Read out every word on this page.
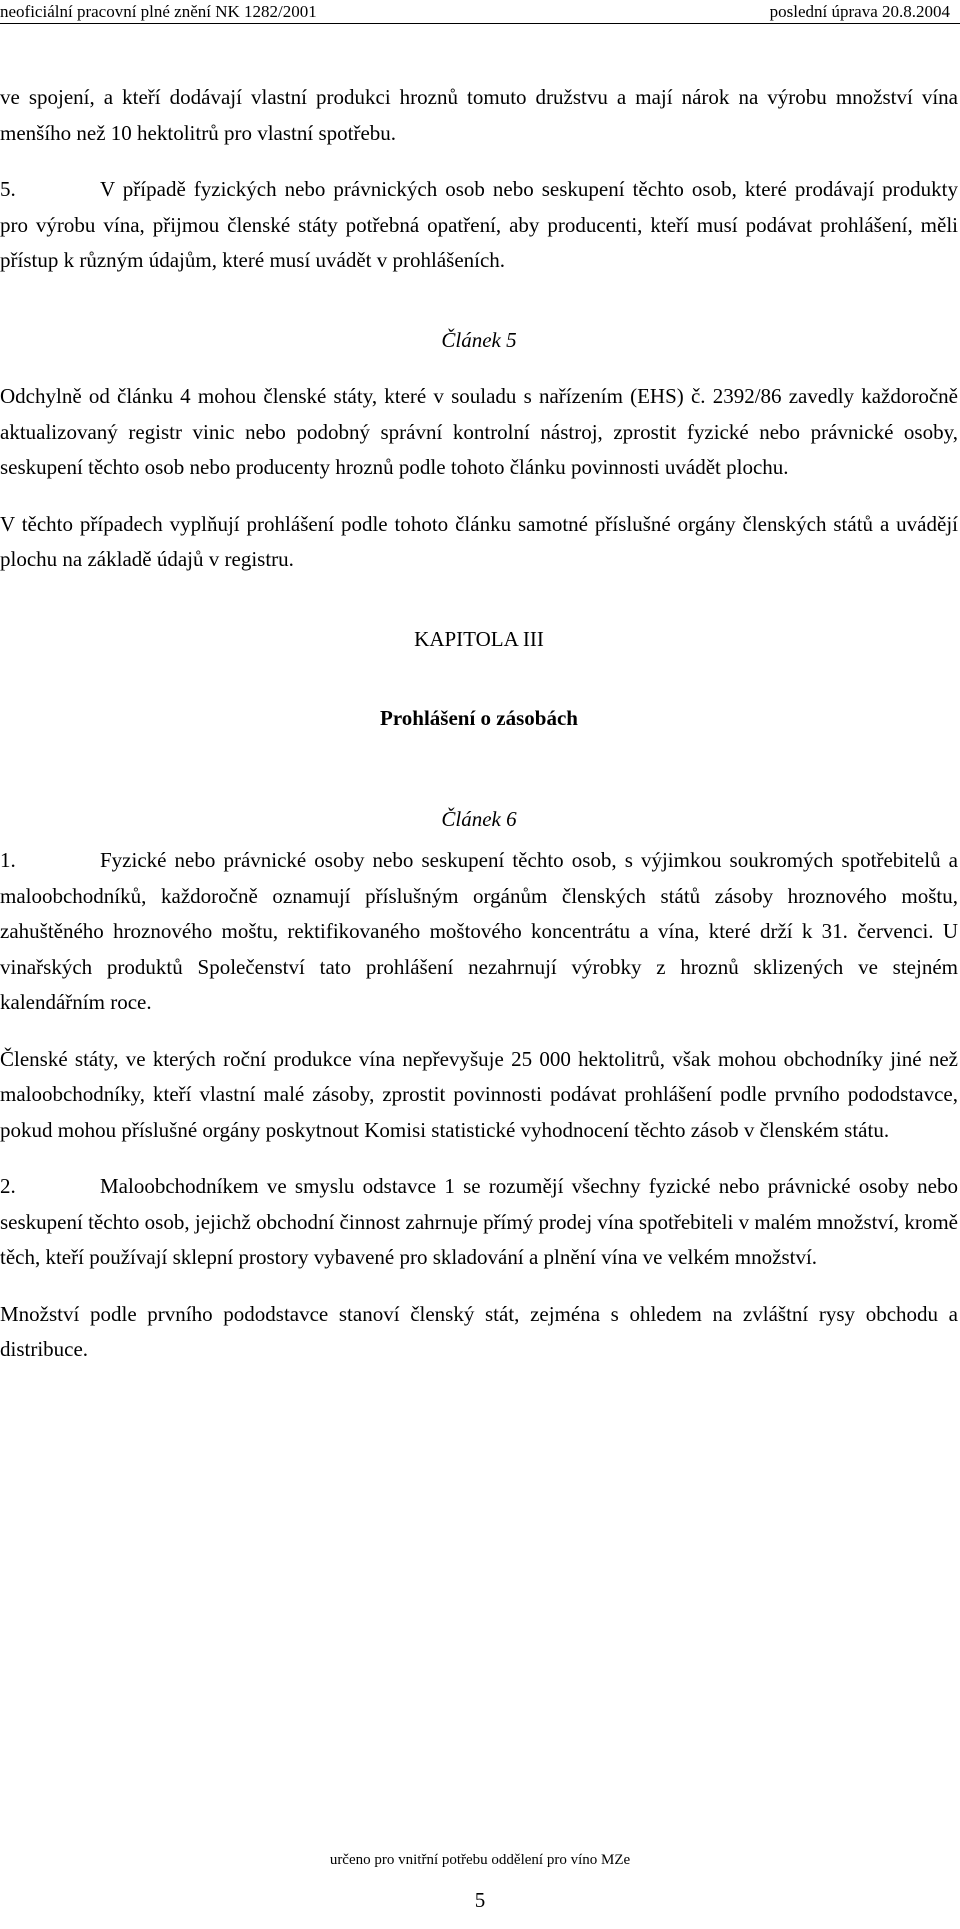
neoficiální pracovní plné znění NK 1282/2001	poslední úprava 20.8.2004

ve spojení, a kteří dodávají vlastní produkci hroznů tomuto družstvu a mají nárok na výrobu množství vína menšího než 10 hektolitrů pro vlastní spotřebu.

5.	V případě fyzických nebo právnických osob nebo seskupení těchto osob, které prodávají produkty pro výrobu vína, přijmou členské státy potřebná opatření, aby producenti, kteří musí podávat prohlášení, měli přístup k různým údajům, které musí uvádět v prohlášeních.

Článek 5

Odchylně od článku 4 mohou členské státy, které v souladu s nařízením (EHS) č. 2392/86 zavedly každoročně aktualizovaný registr vinic nebo podobný správní kontrolní nástroj, zprostit fyzické nebo právnické osoby, seskupení těchto osob nebo producenty hroznů podle tohoto článku povinnosti uvádět plochu.

V těchto případech vyplňují prohlášení podle tohoto článku samotné příslušné orgány členských států a uvádějí plochu na základě údajů v registru.

KAPITOLA III

Prohlášení o zásobách

Článek 6

1.	Fyzické nebo právnické osoby nebo seskupení těchto osob, s výjimkou soukromých spotřebitelů a maloobchodníků, každoročně oznamují příslušným orgánům členských států zásoby hroznového moštu, zahuštěného hroznového moštu, rektifikovaného moštového koncentrátu a vína, které drží k 31. červenci. U vinařských produktů Společenství tato prohlášení nezahrnují výrobky z hroznů sklizených ve stejném kalendářním roce.

Členské státy, ve kterých roční produkce vína nepřevyšuje 25 000 hektolitrů, však mohou obchodníky jiné než maloobchodníky, kteří vlastní malé zásoby, zprostit povinnosti podávat prohlášení podle prvního pododstavce, pokud mohou příslušné orgány poskytnout Komisi statistické vyhodnocení těchto zásob v členském státu.

2.	Maloobchodníkem ve smyslu odstavce 1 se rozumějí všechny fyzické nebo právnické osoby nebo seskupení těchto osob, jejichž obchodní činnost zahrnuje přímý prodej vína spotřebiteli v malém množství, kromě těch, kteří používají sklepní prostory vybavené pro skladování a plnění vína ve velkém množství.

Množství podle prvního pododstavce stanoví členský stát, zejména s ohledem na zvláštní rysy obchodu a distribuce.

určeno pro vnitřní potřebu oddělení pro víno MZe
5
